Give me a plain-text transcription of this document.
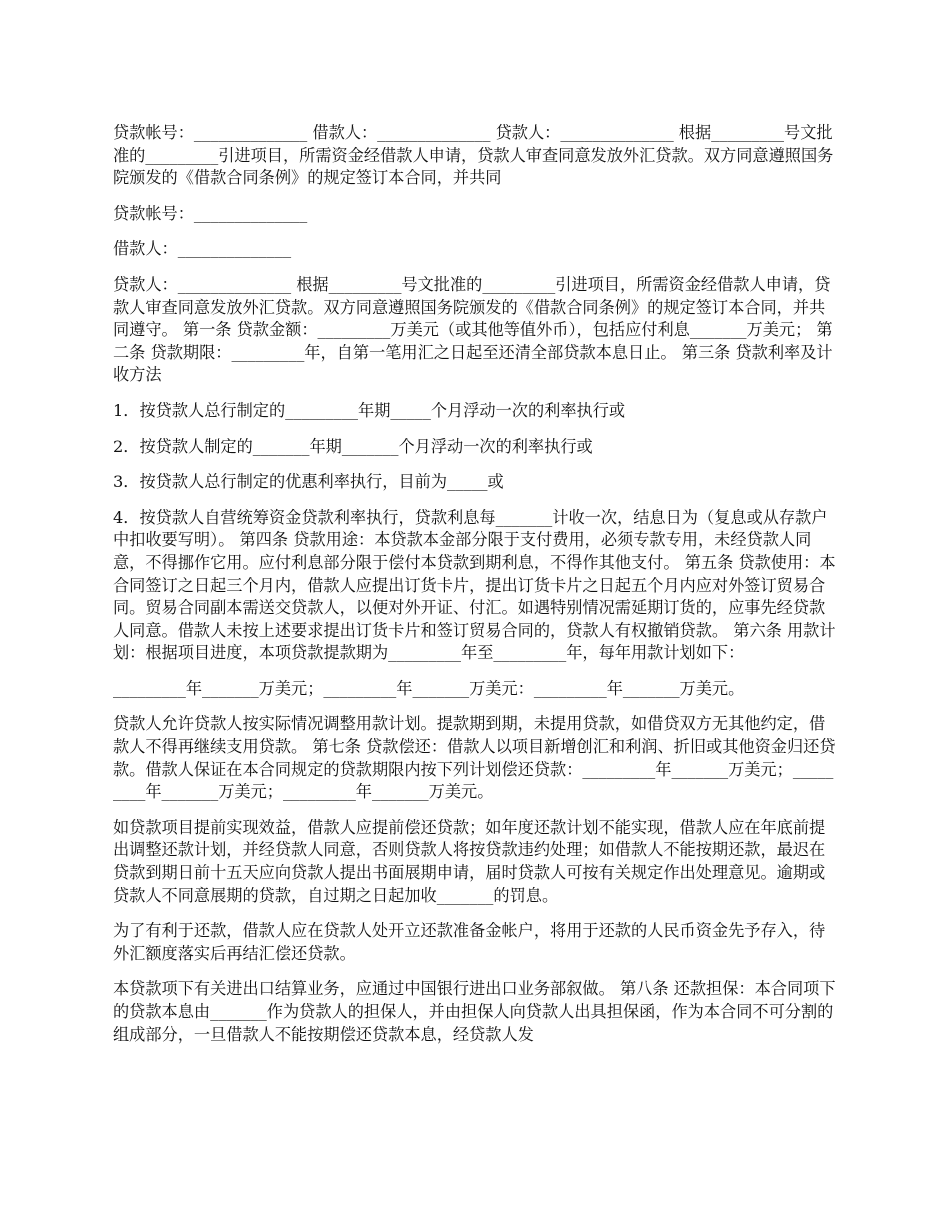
贷款帐号：______________ 借款人：______________ 贷款人：______________ 根据_________号文批准的_________引进项目，所需资金经借款人申请，贷款人审查同意发放外汇贷款。双方同意遵照国务院颁发的《借款合同条例》的规定签订本合同，并共同

贷款帐号：______________

借款人：______________

贷款人：______________ 根据_________号文批准的_________引进项目，所需资金经借款人申请，贷款人审查同意发放外汇贷款。双方同意遵照国务院颁发的《借款合同条例》的规定签订本合同，并共同遵守。 第一条 贷款金额：_________万美元（或其他等值外币），包括应付利息_______万美元； 第二条 贷款期限：_________年，自第一笔用汇之日起至还清全部贷款本息日止。 第三条 贷款利率及计收方法

1．按贷款人总行制定的_________年期_____个月浮动一次的利率执行或

2．按贷款人制定的_______年期_______个月浮动一次的利率执行或

3．按贷款人总行制定的优惠利率执行，目前为_____或

4．按贷款人自营统筹资金贷款利率执行，贷款利息每_______计收一次，结息日为（复息或从存款户中扣收要写明）。 第四条 贷款用途：本贷款本金部分限于支付费用，必须专款专用，未经贷款人同意，不得挪作它用。应付利息部分限于偿付本贷款到期利息，不得作其他支付。 第五条 贷款使用：本合同签订之日起三个月内，借款人应提出订货卡片，提出订货卡片之日起五个月内应对外签订贸易合同。贸易合同副本需送交贷款人，以便对外开证、付汇。如遇特别情况需延期订货的，应事先经贷款人同意。借款人未按上述要求提出订货卡片和签订贸易合同的，贷款人有权撤销贷款。 第六条 用款计划：根据项目进度，本项贷款提款期为_________年至_________年，每年用款计划如下：

_________年_______万美元；_________年_______万美元：_________年_______万美元。

贷款人允许贷款人按实际情况调整用款计划。提款期到期，未提用贷款，如借贷双方无其他约定，借款人不得再继续支用贷款。 第七条 贷款偿还：借款人以项目新增创汇和利润、折旧或其他资金归还贷款。借款人保证在本合同规定的贷款期限内按下列计划偿还贷款：_________年_______万美元；_________年_______万美元；_________年_______万美元。

如贷款项目提前实现效益，借款人应提前偿还贷款；如年度还款计划不能实现，借款人应在年底前提出调整还款计划，并经贷款人同意，否则贷款人将按贷款违约处理；如借款人不能按期还款，最迟在贷款到期日前十五天应向贷款人提出书面展期申请，届时贷款人可按有关规定作出处理意见。逾期或贷款人不同意展期的贷款，自过期之日起加收_______的罚息。

为了有利于还款，借款人应在贷款人处开立还款准备金帐户，将用于还款的人民币资金先予存入，待外汇额度落实后再结汇偿还贷款。

本贷款项下有关进出口结算业务，应通过中国银行进出口业务部叙做。 第八条 还款担保：本合同项下的贷款本息由_______作为贷款人的担保人，并由担保人向贷款人出具担保函，作为本合同不可分割的组成部分，一旦借款人不能按期偿还贷款本息，经贷款人发
